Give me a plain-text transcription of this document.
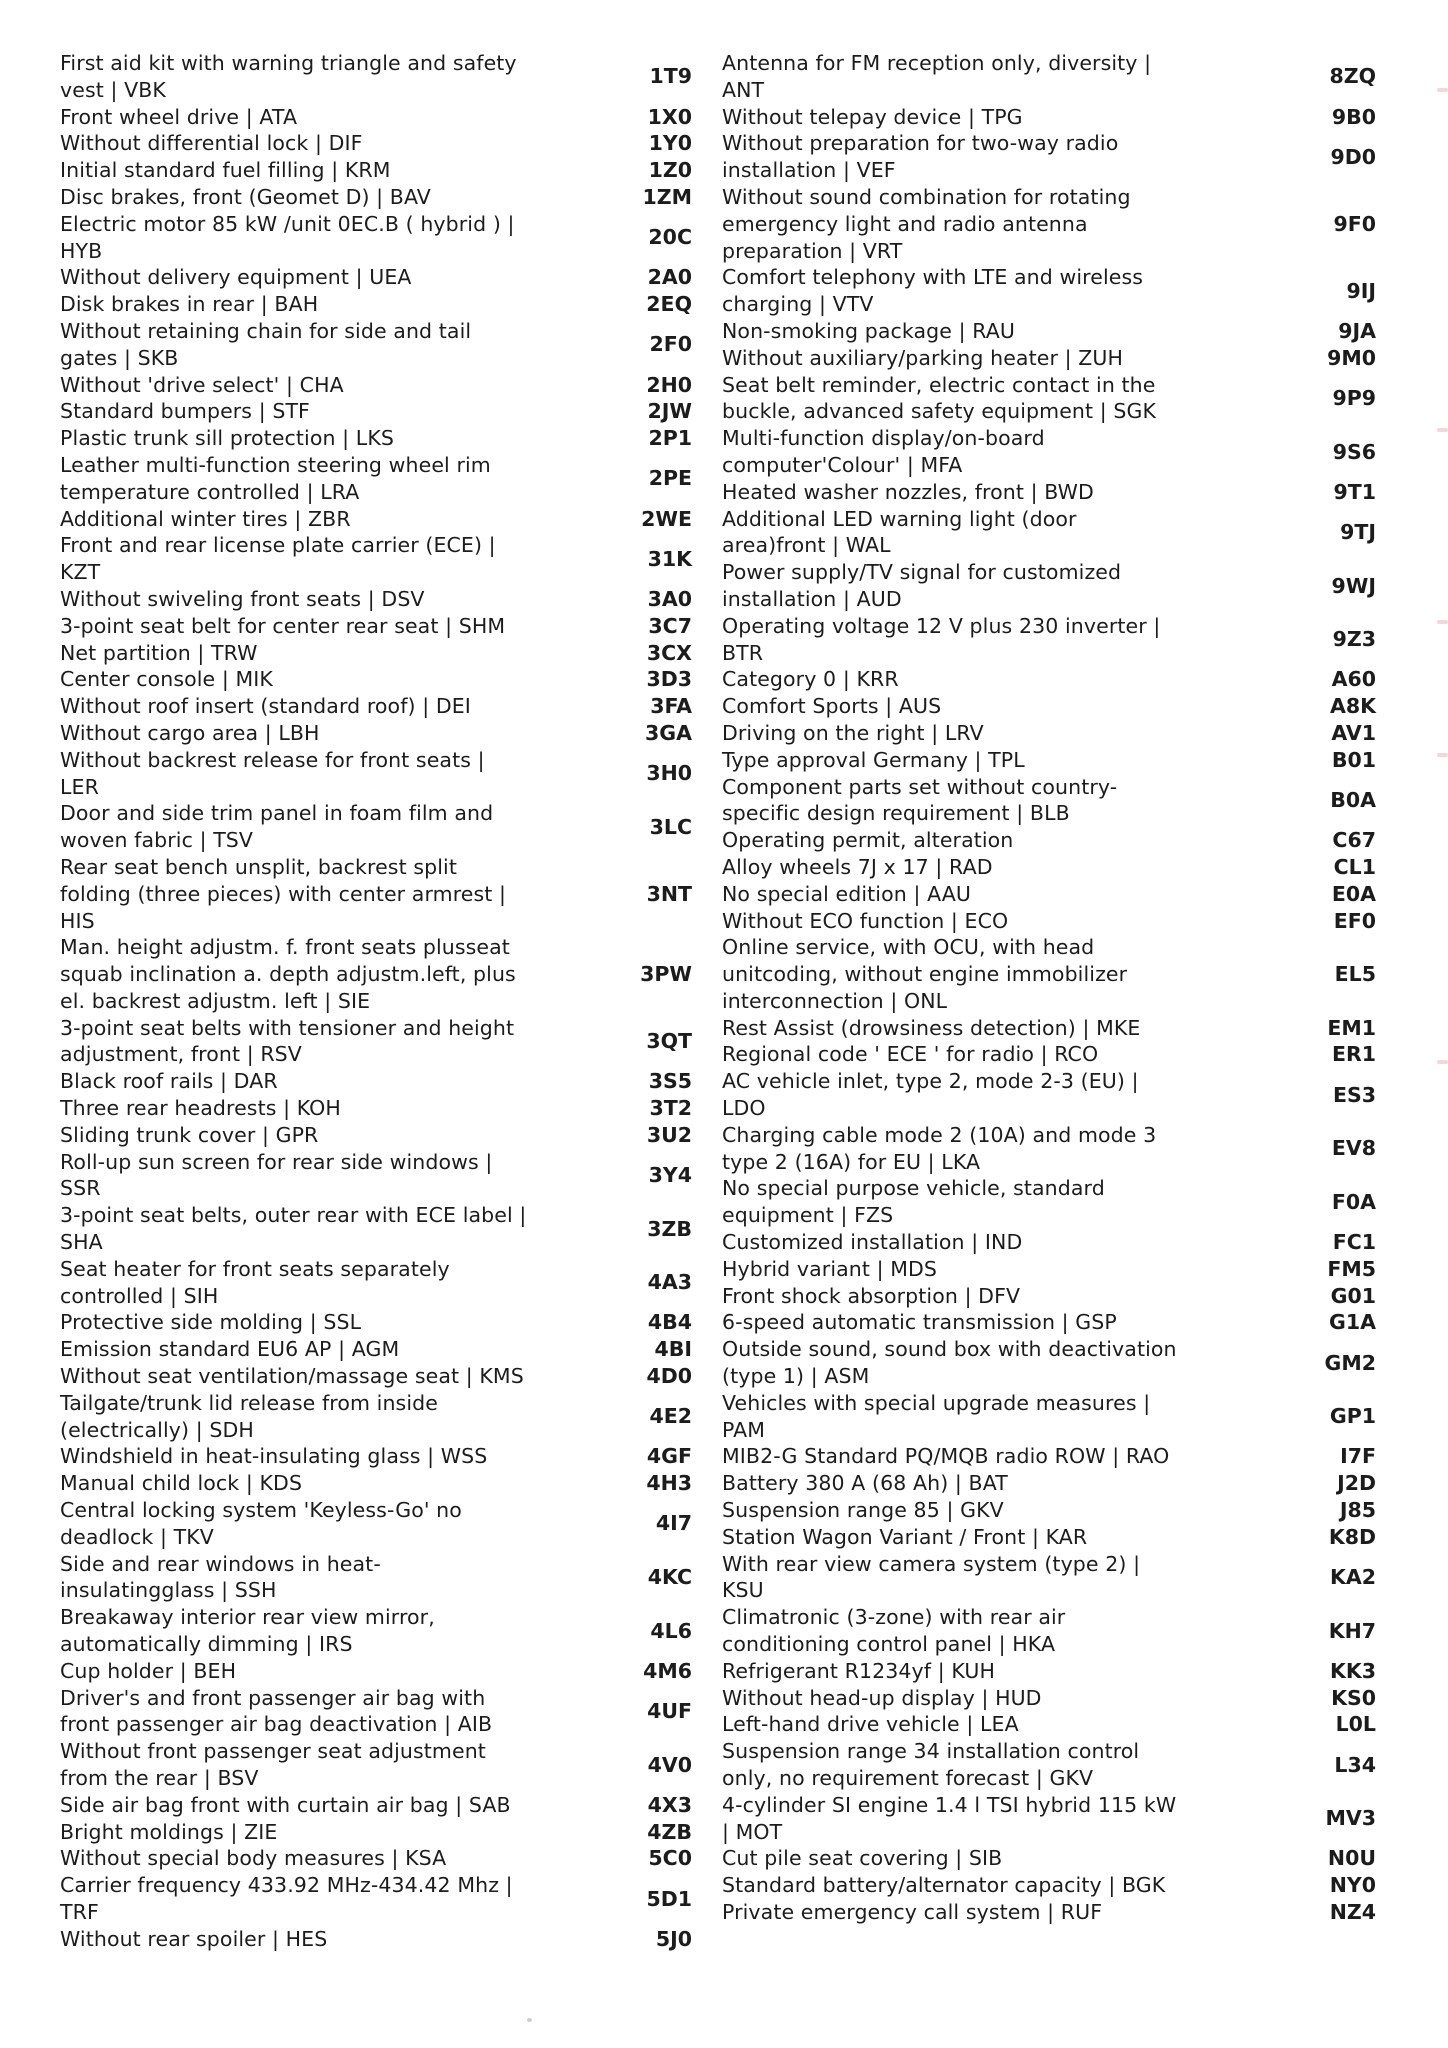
First aid kit with warning triangle and safety vest | VBK
1T9
Front wheel drive | ATA	1X0
Without differential lock | DIF	1Y0
Initial standard fuel filling | KRM	1Z0
Disc brakes, front (Geomet D) | BAV	1ZM
Electric motor 85 kW /unit 0EC.B ( hybrid ) | HYB
20C
Without delivery equipment | UEA	2A0
Disk brakes in rear | BAH	2EQ
Without retaining chain for side and tail gates | SKB
2F0
Without 'drive select' | CHA	2H0
Standard bumpers | STF	2JW
Plastic trunk sill protection | LKS	2P1
Leather multi-function steering wheel rim temperature controlled | LRA
2PE
Additional winter tires | ZBR	2WE
Front and rear license plate carrier (ECE) | KZT
31K
Without swiveling front seats | DSV	3A0
3-point seat belt for center rear seat | SHM	3C7
Net partition | TRW	3CX
Center console | MIK	3D3
Without roof insert (standard roof) | DEI	3FA
Without cargo area | LBH	3GA
Without backrest release for front seats | LER
3H0
Door and side trim panel in foam film and woven fabric | TSV
3LC
Rear seat bench unsplit, backrest split folding (three pieces) with center armrest | HIS
3NT
Man. height adjustm. f. front seats plusseat squab inclination a. depth adjustm.left, plus el. backrest adjustm. left | SIE
3PW
3-point seat belts with tensioner and height adjustment, front | RSV
3QT
Black roof rails | DAR	3S5
Three rear headrests | KOH	3T2
Sliding trunk cover | GPR	3U2
Roll-up sun screen for rear side windows | SSR
3Y4
3-point seat belts, outer rear with ECE label | SHA
3ZB
Seat heater for front seats separately controlled | SIH
4A3
Protective side molding | SSL	4B4
Emission standard EU6 AP | AGM	4BI
Without seat ventilation/massage seat | KMS	4D0
Tailgate/trunk lid release from inside (electrically) | SDH
4E2
Windshield in heat-insulating glass | WSS	4GF
Manual child lock | KDS	4H3
Central locking system 'Keyless-Go' no deadlock | TKV
4I7
Side and rear windows in heat-insulatingglass | SSH
4KC
Breakaway interior rear view mirror, automatically dimming | IRS
4L6
Cup holder | BEH	4M6
Driver's and front passenger air bag with front passenger air bag deactivation | AIB
4UF
Without front passenger seat adjustment from the rear | BSV
4V0
Side air bag front with curtain air bag | SAB	4X3
Bright moldings | ZIE	4ZB
Without special body measures | KSA	5C0
Carrier frequency 433.92 MHz-434.42 Mhz | TRF
5D1
Without rear spoiler | HES	5J0
Antenna for FM reception only, diversity | ANT
8ZQ
Without telepay device | TPG	9B0
Without preparation for two-way radio installation | VEF
9D0
Without sound combination for rotating emergency light and radio antenna preparation | VRT
9F0
Comfort telephony with LTE and wireless charging | VTV
9IJ
Non-smoking package | RAU	9JA
Without auxiliary/parking heater | ZUH	9M0
Seat belt reminder, electric contact in the buckle, advanced safety equipment | SGK
9P9
Multi-function display/on-board computer'Colour' | MFA
9S6
Heated washer nozzles, front | BWD	9T1
Additional LED warning light (door area)front | WAL
9TJ
Power supply/TV signal for customized installation | AUD
9WJ
Operating voltage 12 V plus 230 inverter | BTR
9Z3
Category 0 | KRR	A60
Comfort Sports | AUS	A8K
Driving on the right | LRV	AV1
Type approval Germany | TPL	B01
Component parts set without country-specific design requirement | BLB
B0A
Operating permit, alteration	C67
Alloy wheels 7J x 17 | RAD	CL1
No special edition | AAU	E0A
Without ECO function | ECO	EF0
Online service, with OCU, with head unitcoding, without engine immobilizer interconnection | ONL
EL5
Rest Assist (drowsiness detection) | MKE	EM1
Regional code ' ECE ' for radio | RCO	ER1
AC vehicle inlet, type 2, mode 2-3 (EU) | LDO
ES3
Charging cable mode 2 (10A) and mode 3 type 2 (16A) for EU | LKA
EV8
No special purpose vehicle, standard equipment | FZS
F0A
Customized installation | IND	FC1
Hybrid variant | MDS	FM5
Front shock absorption | DFV	G01
6-speed automatic transmission | GSP	G1A
Outside sound, sound box with deactivation (type 1) | ASM
GM2
Vehicles with special upgrade measures | PAM
GP1
MIB2-G Standard PQ/MQB radio ROW | RAO	I7F
Battery 380 A (68 Ah) | BAT	J2D
Suspension range 85 | GKV	J85
Station Wagon Variant / Front | KAR	K8D
With rear view camera system (type 2) | KSU
KA2
Climatronic (3-zone) with rear air conditioning control panel | HKA
KH7
Refrigerant R1234yf | KUH	KK3
Without head-up display | HUD	KS0
Left-hand drive vehicle | LEA	L0L
Suspension range 34 installation control only, no requirement forecast | GKV
L34
4-cylinder SI engine 1.4 l TSI hybrid 115 kW | MOT
MV3
Cut pile seat covering | SIB	N0U
Standard battery/alternator capacity | BGK	NY0
Private emergency call system | RUF	NZ4
